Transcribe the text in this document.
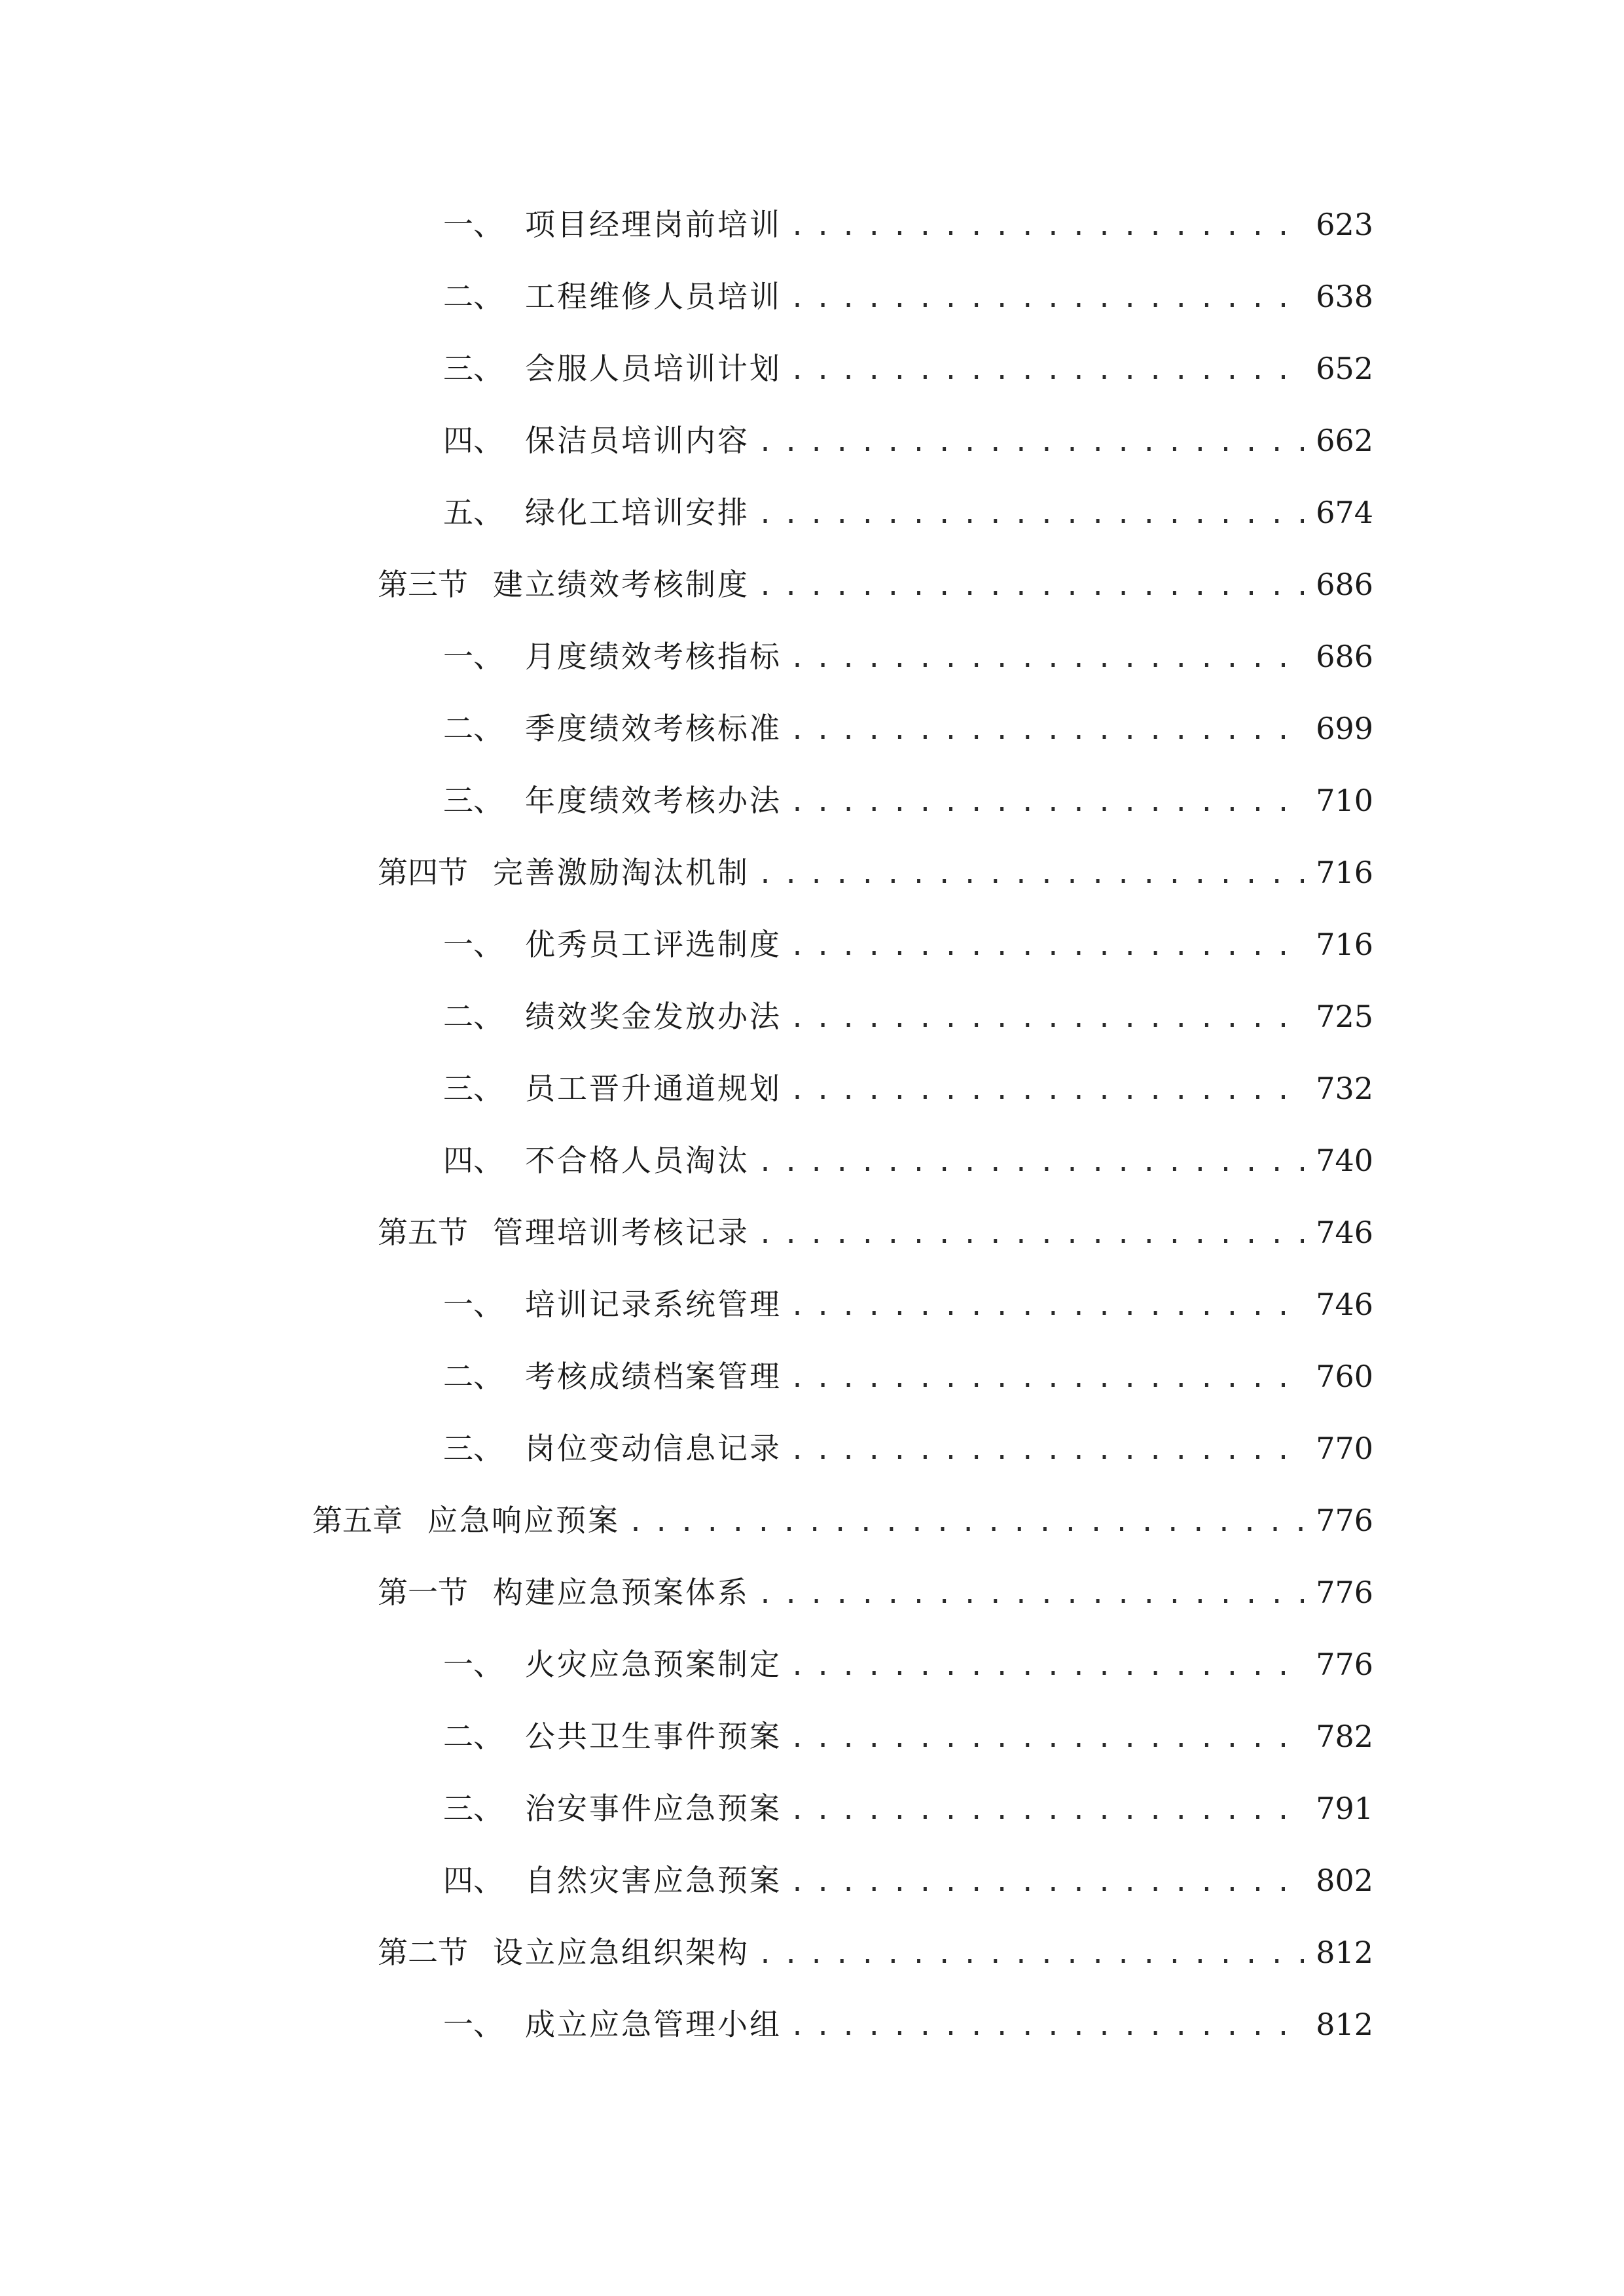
一、 项目经理岗前培训 .....	623
二、 工程维修人员培训 .....	638
三、 会服人员培训计划 .....	652
四、 保洁员培训内容 .....	662
五、 绿化工培训安排 .....	674
第三节 建立绩效考核制度 .....	686
一、 月度绩效考核指标 .....	686
二、 季度绩效考核标准 .....	699
三、 年度绩效考核办法 .....	710
第四节 完善激励淘汰机制 .....	716
一、 优秀员工评选制度 .....	716
二、 绩效奖金发放办法 .....	725
三、 员工晋升通道规划 .....	732
四、 不合格人员淘汰 .....	740
第五节 管理培训考核记录 .....	746
一、 培训记录系统管理 .....	746
二、 考核成绩档案管理 .....	760
三、 岗位变动信息记录 .....	770
第五章 应急响应预案 .....	776
第一节 构建应急预案体系 .....	776
一、 火灾应急预案制定 .....	776
二、 公共卫生事件预案 .....	782
三、 治安事件应急预案 .....	791
四、 自然灾害应急预案 .....	802
第二节 设立应急组织架构 .....	812
一、 成立应急管理小组 .....	812
